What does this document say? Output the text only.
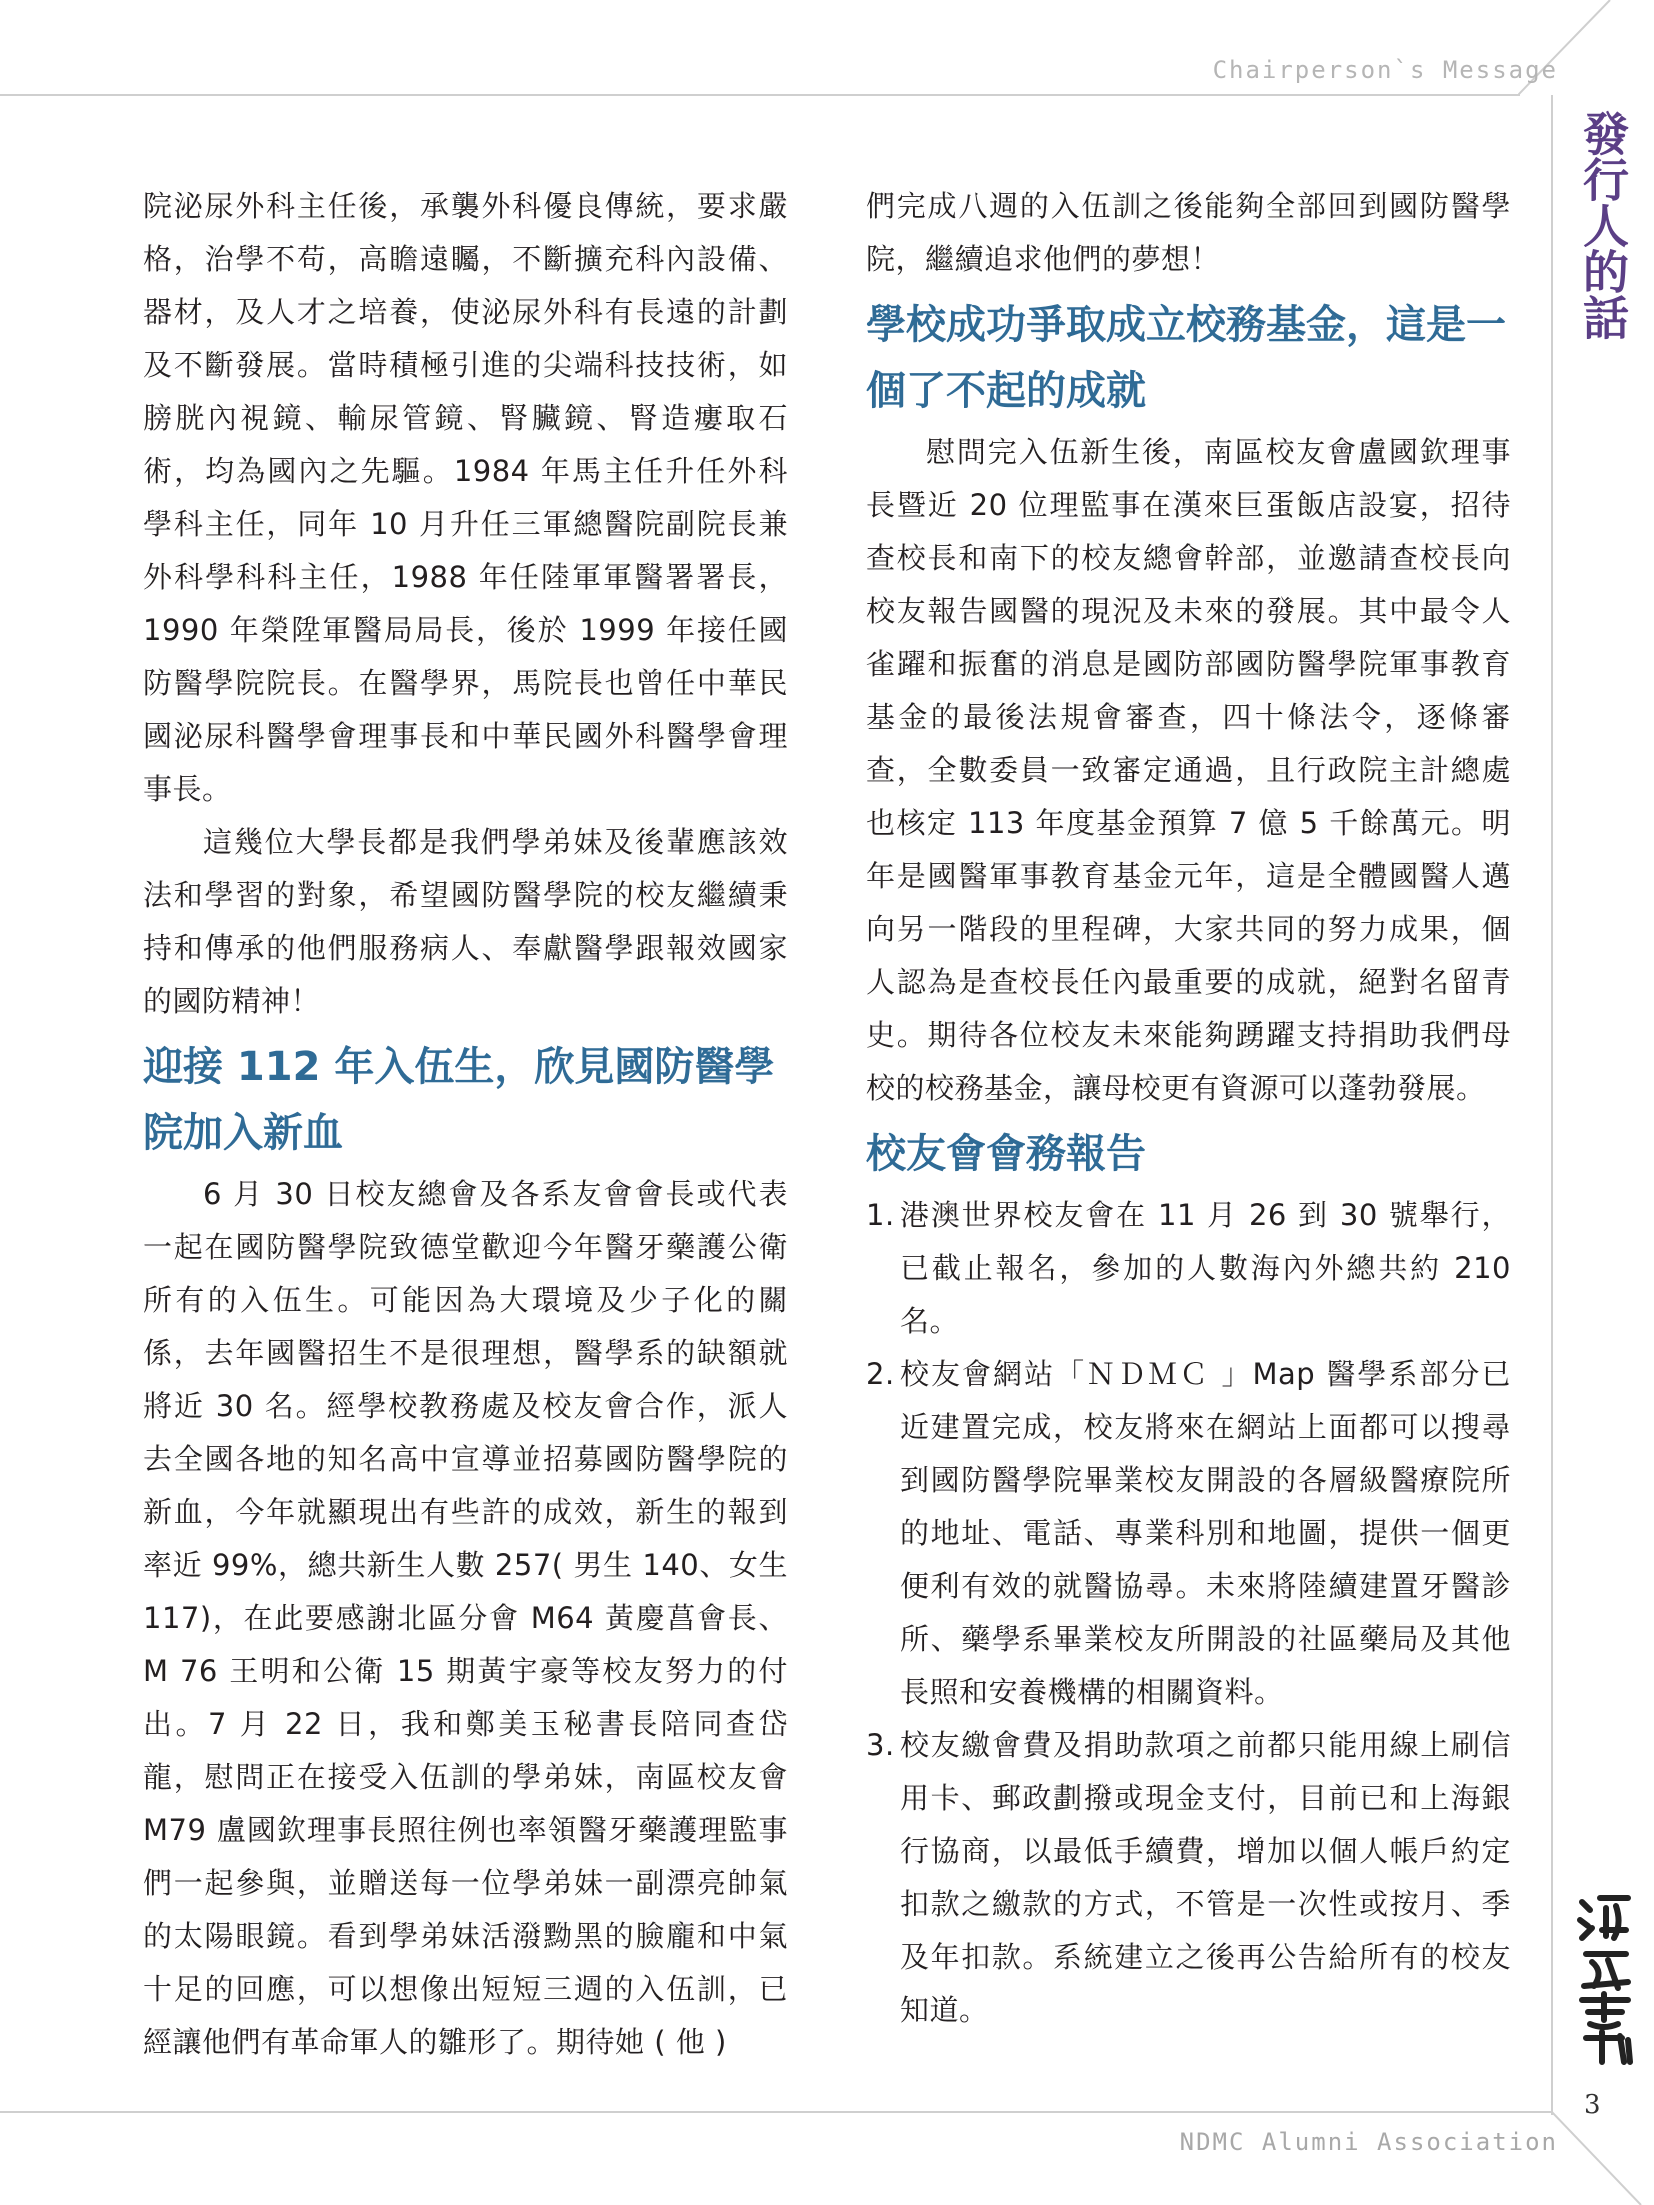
Chairperson`s Message
NDMC Alumni Association
發行人的話
3

院泌尿外科主任後，承襲外科優良傳統，要求嚴格，治學不苟，高瞻遠矚，不斷擴充科內設備、器材，及人才之培養，使泌尿外科有長遠的計劃及不斷發展。當時積極引進的尖端科技技術，如膀胱內視鏡、輸尿管鏡、腎臟鏡、腎造瘻取石術，均為國內之先驅。1984 年馬主任升任外科學科主任，同年 10 月升任三軍總醫院副院長兼外科學科科主任，1988 年任陸軍軍醫署署長，1990 年榮陞軍醫局局長，後於 1999 年接任國防醫學院院長。在醫學界，馬院長也曾任中華民國泌尿科醫學會理事長和中華民國外科醫學會理事長。

這幾位大學長都是我們學弟妹及後輩應該效法和學習的對象，希望國防醫學院的校友繼續秉持和傳承的他們服務病人、奉獻醫學跟報效國家的國防精神！

迎接 112 年入伍生，欣見國防醫學院加入新血

6 月 30 日校友總會及各系友會會長或代表一起在國防醫學院致德堂歡迎今年醫牙藥護公衛所有的入伍生。可能因為大環境及少子化的關係，去年國醫招生不是很理想，醫學系的缺額就將近 30 名。經學校教務處及校友會合作，派人去全國各地的知名高中宣導並招募國防醫學院的新血，今年就顯現出有些許的成效，新生的報到率近 99%，總共新生人數 257( 男生 140、女生 117)，在此要感謝北區分會 M64 黃慶菖會長、M 76 王明和公衛 15 期黃宇豪等校友努力的付出。7 月 22 日，我和鄭美玉秘書長陪同查岱龍，慰問正在接受入伍訓的學弟妹，南區校友會 M79 盧國欽理事長照往例也率領醫牙藥護理監事們一起參與，並贈送每一位學弟妹一副漂亮帥氣的太陽眼鏡。看到學弟妹活潑黝黑的臉龐和中氣十足的回應，可以想像出短短三週的入伍訓，已經讓他們有革命軍人的雛形了。期待她 ( 他 )

們完成八週的入伍訓之後能夠全部回到國防醫學院，繼續追求他們的夢想！

學校成功爭取成立校務基金，這是一個了不起的成就

慰問完入伍新生後，南區校友會盧國欽理事長暨近 20 位理監事在漢來巨蛋飯店設宴，招待查校長和南下的校友總會幹部，並邀請查校長向校友報告國醫的現況及未來的發展。其中最令人雀躍和振奮的消息是國防部國防醫學院軍事教育基金的最後法規會審查，四十條法令，逐條審查，全數委員一致審定通過，且行政院主計總處也核定 113 年度基金預算 7 億 5 千餘萬元。明年是國醫軍事教育基金元年，這是全體國醫人邁向另一階段的里程碑，大家共同的努力成果，個人認為是查校長任內最重要的成就，絕對名留青史。期待各位校友未來能夠踴躍支持捐助我們母校的校務基金，讓母校更有資源可以蓬勃發展。

校友會會務報告
1. 港澳世界校友會在 11 月 26 到 30 號舉行，已截止報名，參加的人數海內外總共約 210 名。
2. 校友會網站「ＮＤＭＣ 」Map 醫學系部分已近建置完成，校友將來在網站上面都可以搜尋到國防醫學院畢業校友開設的各層級醫療院所的地址、電話、專業科別和地圖，提供一個更便利有效的就醫協尋。未來將陸續建置牙醫診所、藥學系畢業校友所開設的社區藥局及其他長照和安養機構的相關資料。
3. 校友繳會費及捐助款項之前都只能用線上刷信用卡、郵政劃撥或現金支付，目前已和上海銀行協商，以最低手續費，增加以個人帳戶約定扣款之繳款的方式，不管是一次性或按月、季及年扣款。系統建立之後再公告給所有的校友知道。
